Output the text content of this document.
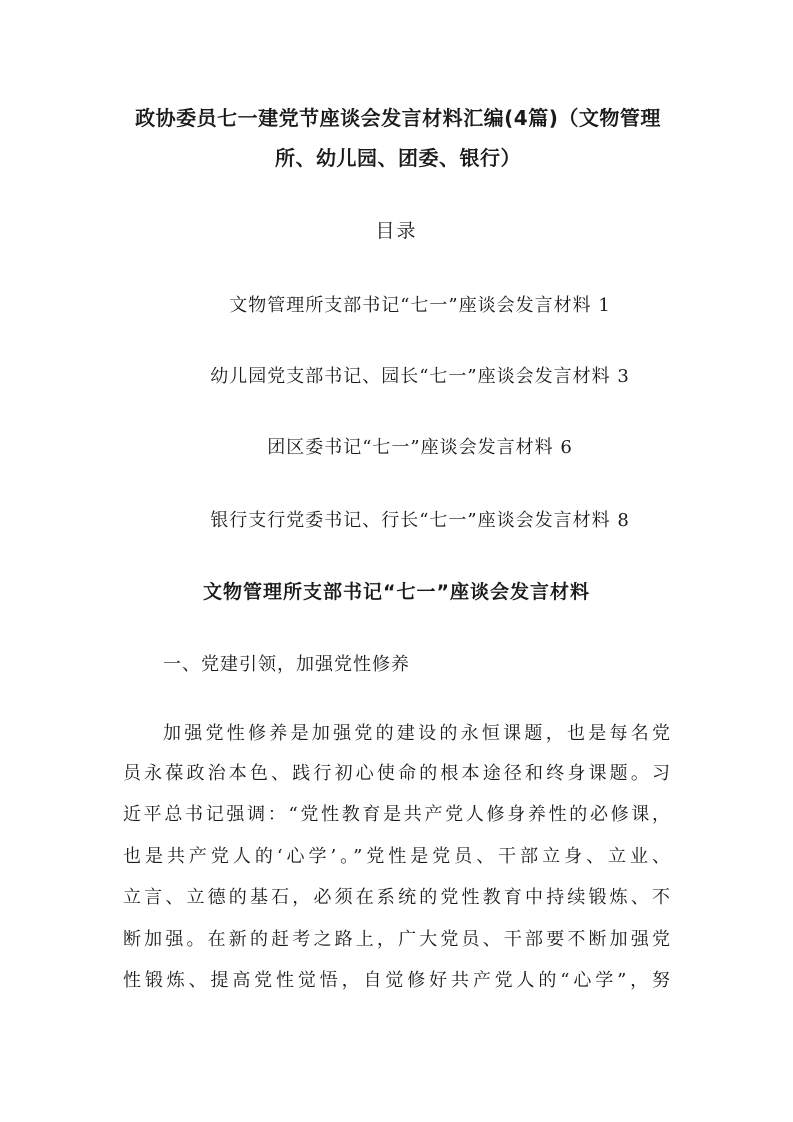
政协委员七一建党节座谈会发言材料汇编(4篇)（文物管理
所、幼儿园、团委、银行）
目录
文物管理所支部书记“七一”座谈会发言材料 1
幼儿园党支部书记、园长“七一”座谈会发言材料 3
团区委书记“七一”座谈会发言材料 6
银行支行党委书记、行长“七一”座谈会发言材料 8
文物管理所支部书记“七一”座谈会发言材料
一、党建引领，加强党性修养
加强党性修养是加强党的建设的永恒课题，也是每名党
员永葆政治本色、践行初心使命的根本途径和终身课题。习
近平总书记强调：“党性教育是共产党人修身养性的必修课，
也是共产党人的‘心学’。”党性是党员、干部立身、立业、
立言、立德的基石，必须在系统的党性教育中持续锻炼、不
断加强。在新的赶考之路上，广大党员、干部要不断加强党
性锻炼、提高党性觉悟，自觉修好共产党人的“心学”，努
